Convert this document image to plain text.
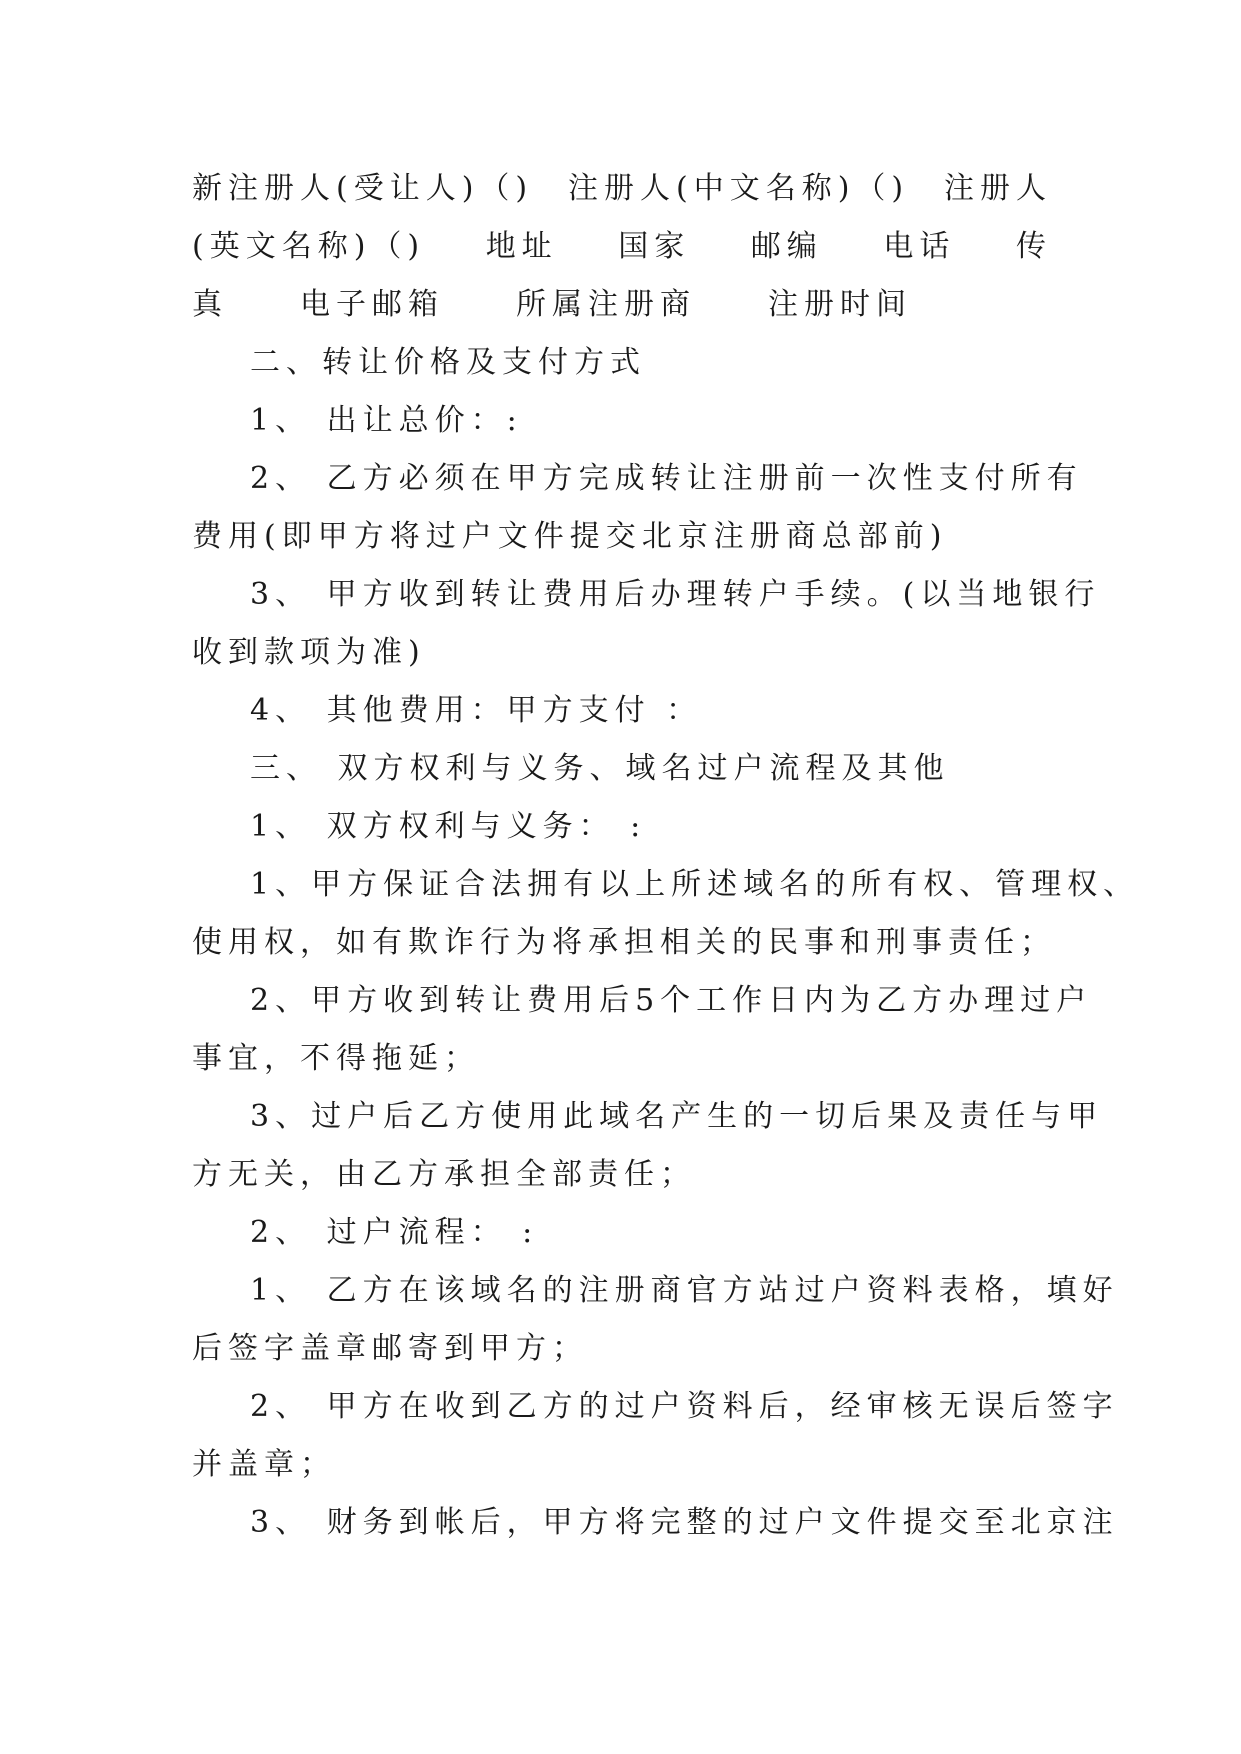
新注册人(受让人)（) 注册人(中文名称)（) 注册人
(英文名称)（) 地址 国家 邮编 电话 传
真 电子邮箱 所属注册商 注册时间
二、转让价格及支付方式
1、 出让总价：:
2、 乙方必须在甲方完成转让注册前一次性支付所有
费用(即甲方将过户文件提交北京注册商总部前)
3、 甲方收到转让费用后办理转户手续。(以当地银行
收到款项为准)
4、 其他费用：甲方支付 ：
三、 双方权利与义务、域名过户流程及其他
1、 双方权利与义务： :
1、甲方保证合法拥有以上所述域名的所有权、管理权、
使用权，如有欺诈行为将承担相关的民事和刑事责任；
2、甲方收到转让费用后5个工作日内为乙方办理过户
事宜，不得拖延；
3、过户后乙方使用此域名产生的一切后果及责任与甲
方无关，由乙方承担全部责任；
2、 过户流程： :
1、 乙方在该域名的注册商官方站过户资料表格，填好
后签字盖章邮寄到甲方；
2、 甲方在收到乙方的过户资料后，经审核无误后签字
并盖章；
3、 财务到帐后，甲方将完整的过户文件提交至北京注
